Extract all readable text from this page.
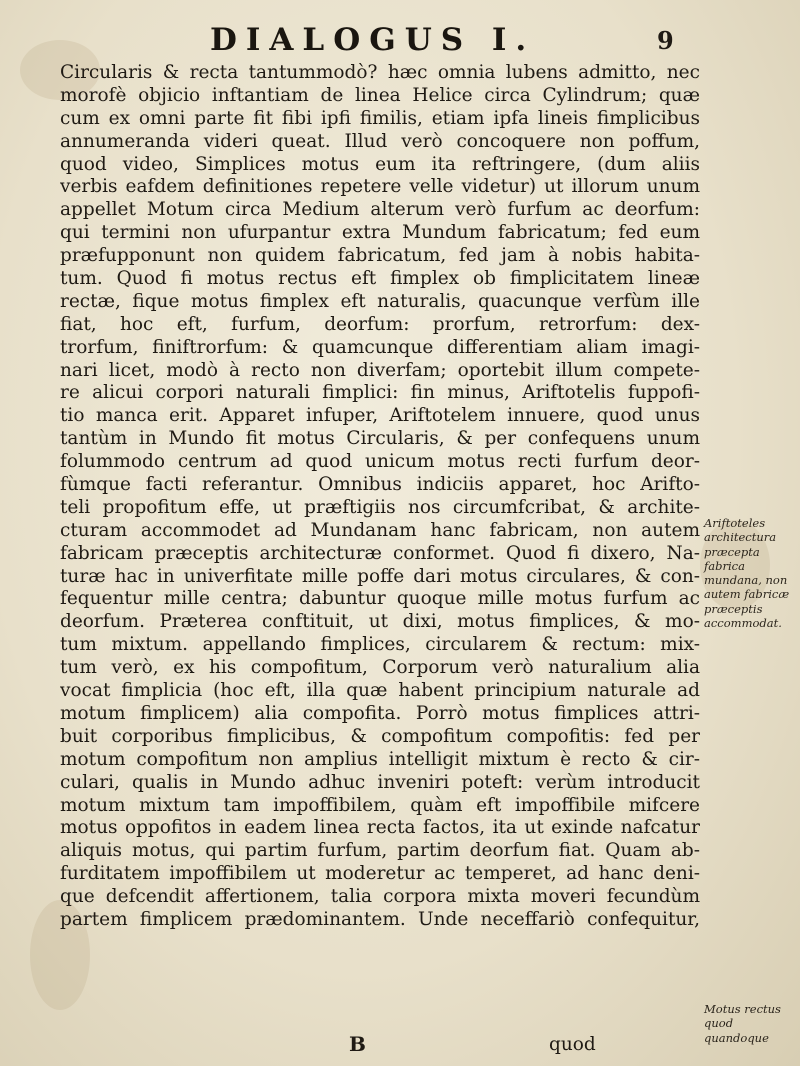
DIALOGUS I.	9
Circularis & recta tantummodò? hæc omnia lubens admitto, nec
morofè objicio inftantiam de linea Helice circa Cylindrum; quæ
cum ex omni parte fit fibi ipfi fimilis, etiam ipfa lineis fimplicibus
annumeranda videri queat. Illud verò concoquere non poffum,
quod video, Simplices motus eum ita reftringere, (dum aliis
verbis eafdem definitiones repetere velle videtur) ut illorum unum
appellet Motum circa Medium alterum verò furfum ac deorfum:
qui termini non ufurpantur extra Mundum fabricatum; fed eum
præfupponunt non quidem fabricatum, fed jam à nobis habita-
tum. Quod fi motus rectus eft fimplex ob fimplicitatem lineæ
rectæ, fique motus fimplex eft naturalis, quacunque verfùm ille
fiat, hoc eft, furfum, deorfum: prorfum, retrorfum: dex-
trorfum, finiftrorfum: & quamcunque differentiam aliam imagi-
nari licet, modò à recto non diverfam; oportebit illum compete-
re alicui corpori naturali fimplici: fin minus, Ariftotelis fuppofi-
tio manca erit. Apparet infuper, Ariftotelem innuere, quod unus
tantùm in Mundo fit motus Circularis, & per confequens unum
folummodo centrum ad quod unicum motus recti furfum deor-
fùmque facti referantur. Omnibus indiciis apparet, hoc Arifto-
teli propofitum effe, ut præftigiis nos circumfcribat, & archite-
cturam accommodet ad Mundanam hanc fabricam, non autem
fabricam præceptis architecturæ conformet. Quod fi dixero, Na-
turæ hac in univerfitate mille poffe dari motus circulares, & con-
fequentur mille centra; dabuntur quoque mille motus furfum ac
deorfum. Præterea conftituit, ut dixi, motus fimplices, & mo-
tum mixtum. appellando fimplices, circularem & rectum: mix-
tum verò, ex his compofitum, Corporum verò naturalium alia
vocat fimplicia (hoc eft, illa quæ habent principium naturale ad
motum fimplicem) alia compofita. Porrò motus fimplices attri-
buit corporibus fimplicibus, & compofitum compofitis: fed per
motum compofitum non amplius intelligit mixtum è recto & cir-
culari, qualis in Mundo adhuc inveniri poteft: verùm introducit
motum mixtum tam impoffibilem, quàm eft impoffibile mifcere
motus oppofitos in eadem linea recta factos, ita ut exinde nafcatur
aliquis motus, qui partim furfum, partim deorfum fiat. Quam ab-
furditatem impoffibilem ut moderetur ac temperet, ad hanc deni-
que defcendit affertionem, talia corpora mixta moveri fecundùm
partem fimplicem prædominantem. Unde neceffariò confequitur,
Ariftoteles architectura præcepta fabrica mundana, non autem fabricæ præceptis accommodat.
Motus rectus quod quandoque
B	quod
